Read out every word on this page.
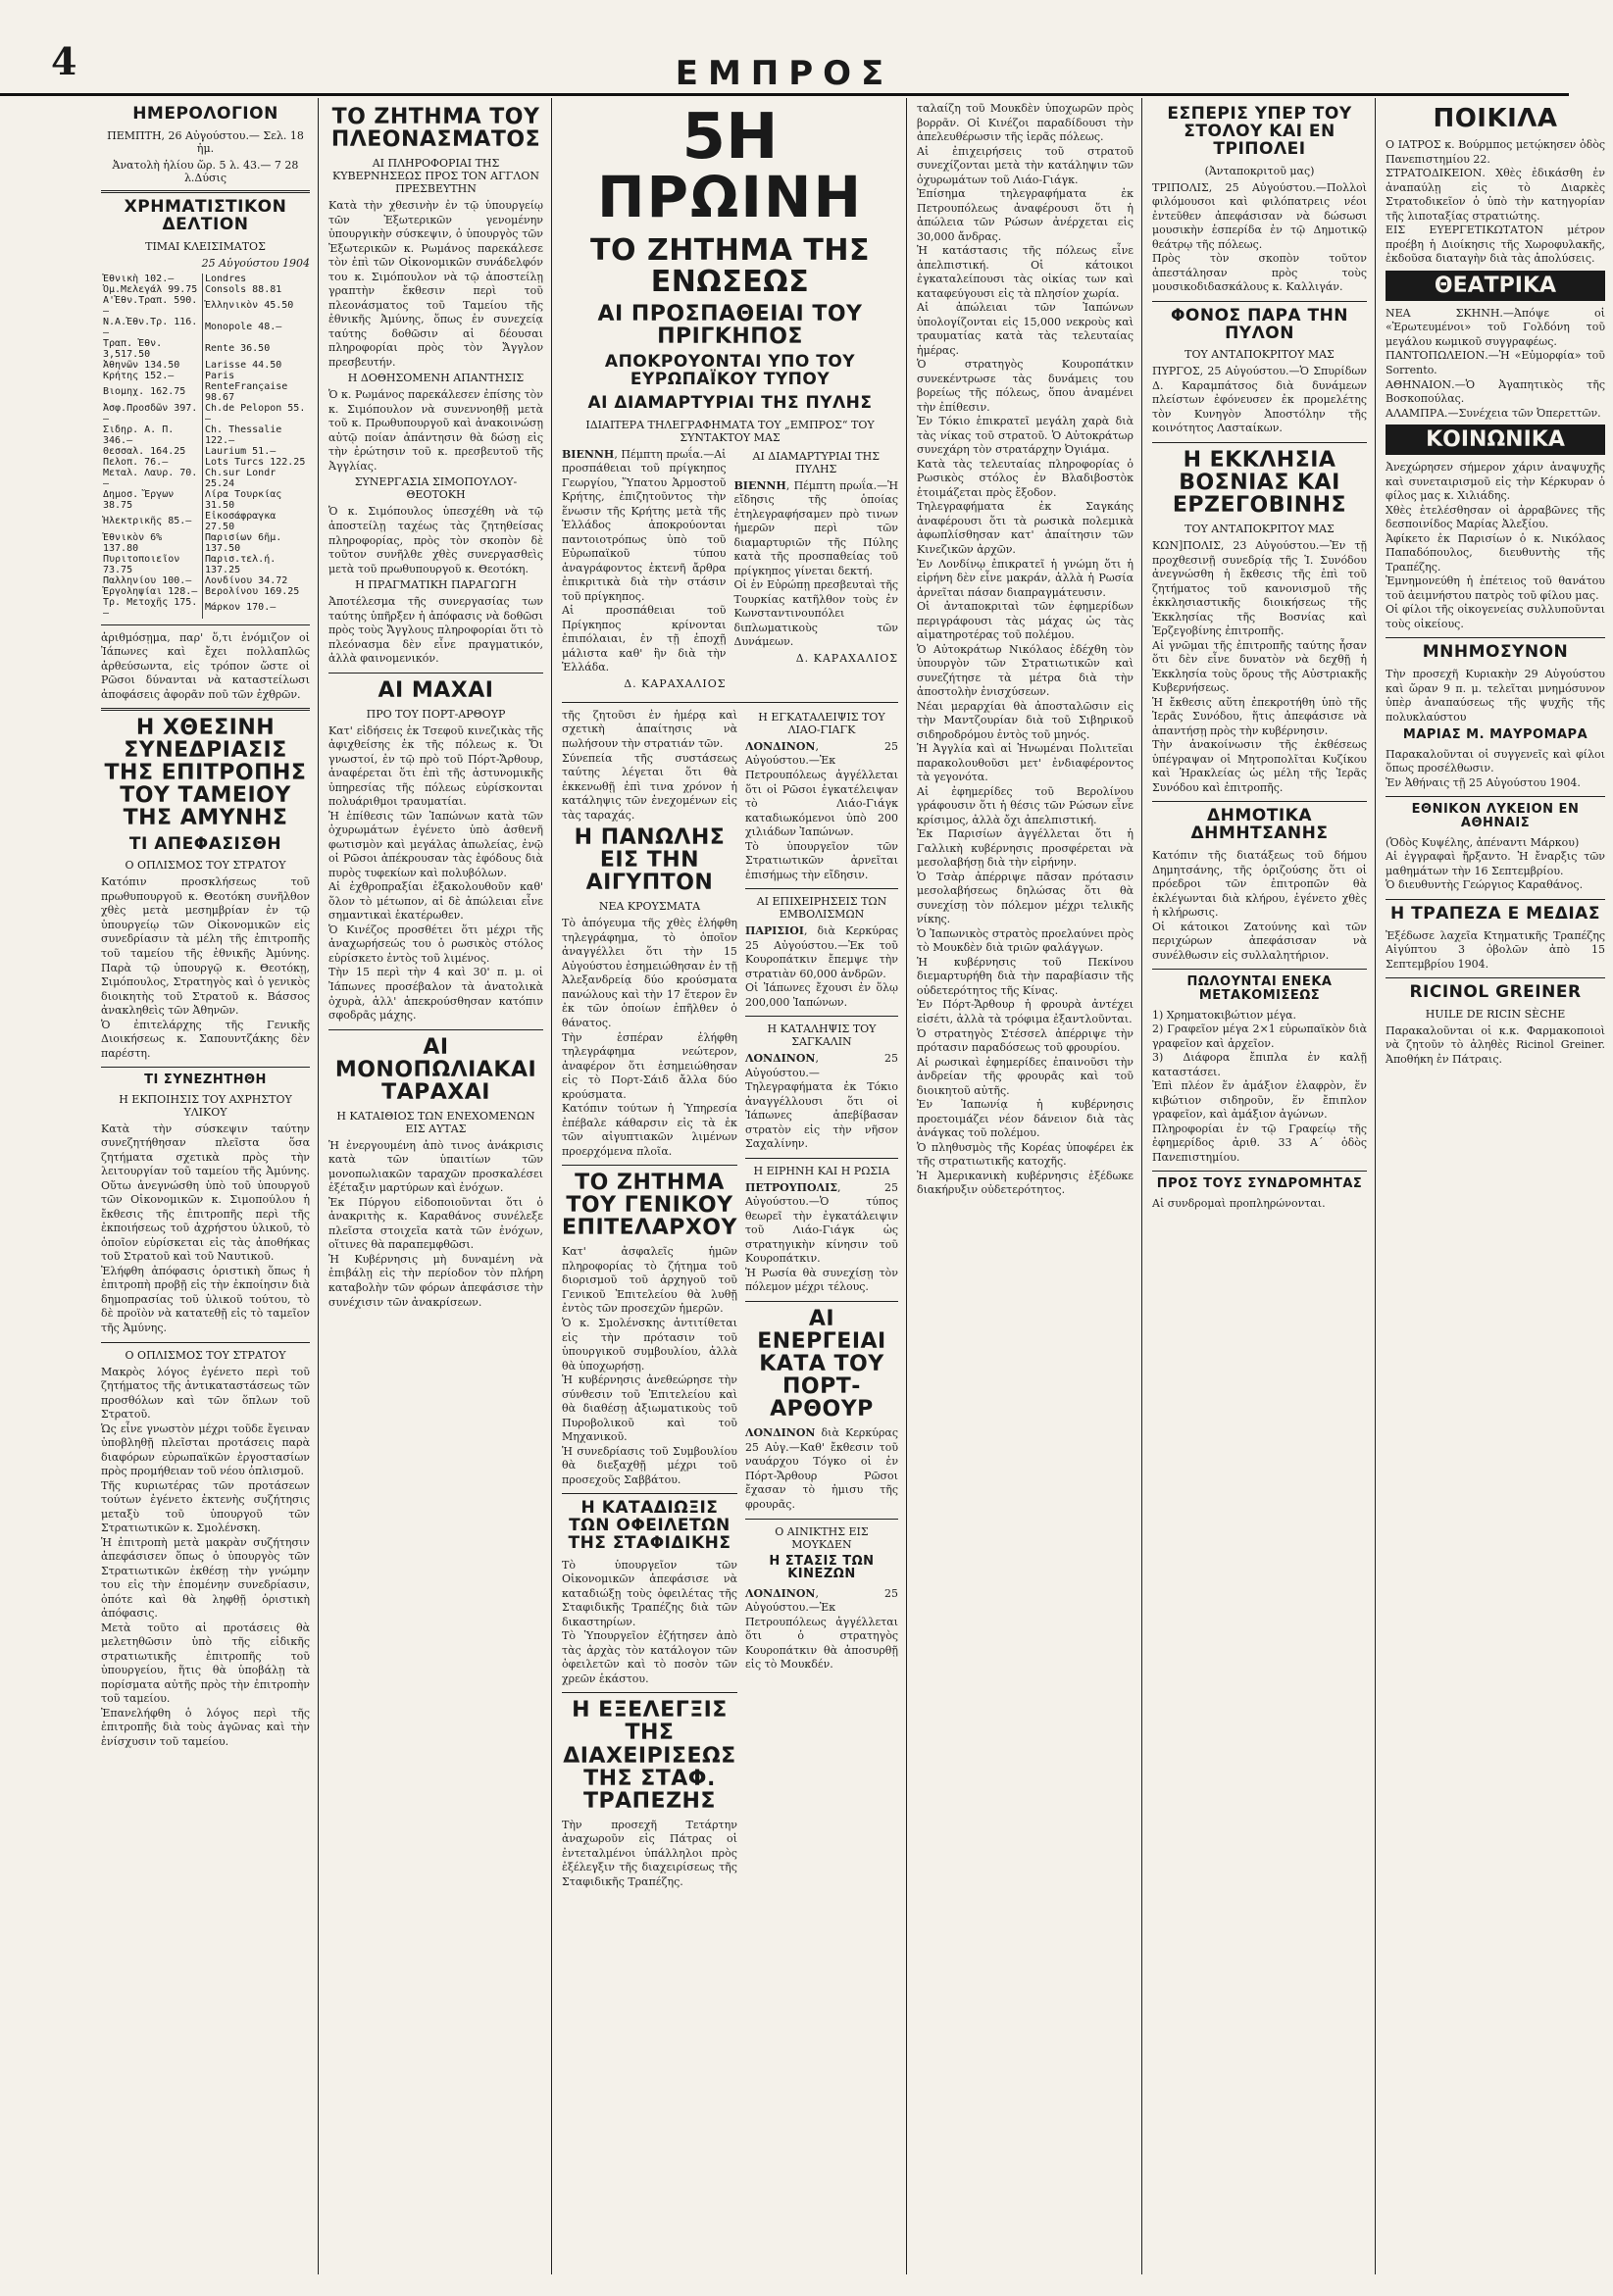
4	ΕΜΠΡΟΣ
ΗΜΕΡΟΛΟΓΙΟΝ
ΠΕΜΠΤΗ, 26 Αὐγούστου.— Σελ. 18 ἡμ.
Ἀνατολὴ ἡλίου ὥρ. 5 λ. 43.— 7 28 λ.Δύσις
ΧΡΗΜΑΤΙΣΤΙΚΟΝ ΔΕΛΤΙΟΝ
ΤΙΜΑΙ ΚΛΕΙΣΙΜΑΤΟΣ
25 Αὐγούστου 1904
Ἐθνικὴ 102.—	Londres
Ὀμ.Μελεγάλ 99.75	Consols 88.81
Α'Ἐθν.Τραπ. 590.—	Ἑλληνικὸν 45.50
Ν.Α.Ἐθν.Τρ. 116.—	Monopole 48.—
Τραπ. Ἐθν. 3,517.50	Rente 36.50
Ἀθηνῶν 134.50	Larisse 44.50
Κρήτης 152.—	Paris
Βιομηχ. 162.75	RenteFrançaise 98.67
Ἀσφ.Προσδῶν 397.—	Ch.de Pelopon 55.—
Σιδηρ. Α. Π. 346.—	Ch. Thessalie 122.—
Θεσσαλ. 164.25	Laurium 51.—
Πελοπ. 76.—	Lots Turcs 122.25
Μεταλ. Λαυρ. 70.—	Ch.sur Londr 25.24
Δημοσ. Ἔργων 38.75	Λίρα Τουρκίας 31.50
Ἠλεκτρικῆς 85.—	Εἰκοσάφραγκα 27.50
Ἐθνικὸν 6% 137.80	Παρισίων 6ῆμ. 137.50
Πυριτοποιεῖον 73.75	Παρισ.τελ.ή. 137.25
Παλληνίου 100.—	Λονδίνου 34.72
Ἐργοληψίαι 128.—	Βερολίνου 169.25
Τρ. Μετοχῆς 175.—	Μάρκον 170.—
ἀριθμόσῃμα, παρ' ὅ,τι ἐνόμιζον οἱ Ἰάπωνες καὶ ἔχει πολλαπλῶς ἀρθεύσωντα, εἰς τρόπον ὥστε οἱ Ρῶσοι δύνανται νὰ καταστείλωσι ἀποφάσεις ἀφορᾶν ποῦ τῶν ἐχθρῶν.
Η ΧΘΕΣΙΝΗ ΣΥΝΕΔΡΙΑΣΙΣ ΤΗΣ ΕΠΙΤΡΟΠΗΣ ΤΟΥ ΤΑΜΕΙΟΥ ΤΗΣ ΑΜΥΝΗΣ
ΤΙ ΑΠΕΦΑΣΙΣΘΗ
Ο ΟΠΛΙΣΜΟΣ ΤΟΥ ΣΤΡΑΤΟΥ
Κατόπιν προσκλήσεως τοῦ πρωθυπουργοῦ κ. Θεοτόκη συνῆλθον χθὲς μετὰ μεσημβρίαν ἐν τῷ ὑπουργείῳ τῶν Οἰκονομικῶν εἰς συνεδρίασιν τὰ μέλη τῆς ἐπιτροπῆς τοῦ ταμείου τῆς ἐθνικῆς Ἀμύνης. Παρὰ τῷ ὑπουργῷ κ. Θεοτόκῃ, Σιμόπουλος, Στρατηγὸς καὶ ὁ γενικὸς διοικητὴς τοῦ Στρατοῦ κ. Βάσσος ἀνακληθεὶς τῶν Ἀθηνῶν.
Ὁ ἐπιτελάρχης τῆς Γενικῆς Διοικήσεως κ. Σαπουντζάκης δὲν παρέστη.
ΤΙ ΣΥΝΕΖΗΤΗΘΗ
Η ΕΚΠΟΙΗΣΙΣ ΤΟΥ ΑΧΡΗΣΤΟΥ ΥΛΙΚΟΥ
Κατὰ τὴν σύσκεψιν ταύτην συνεζητήθησαν πλεῖστα ὅσα ζητήματα σχετικὰ πρὸς τὴν λειτουργίαν τοῦ ταμείου τῆς Ἀμύνης. Οὕτω ἀνεγνώσθη ὑπὸ τοῦ ὑπουργοῦ τῶν Οἰκονομικῶν κ. Σιμοπούλου ἡ ἔκθεσις τῆς ἐπιτροπῆς περὶ τῆς ἐκποιήσεως τοῦ ἀχρήστου ὑλικοῦ, τὸ ὁποῖον εὑρίσκεται εἰς τὰς ἀποθήκας τοῦ Στρατοῦ καὶ τοῦ Ναυτικοῦ.
Ἐλήφθη ἀπόφασις ὁριστικὴ ὅπως ἡ ἐπιτροπὴ προβῇ εἰς τὴν ἐκποίησιν διὰ δημοπρασίας τοῦ ὑλικοῦ τούτου, τὸ δὲ προϊὸν νὰ κατατεθῇ εἰς τὸ ταμεῖον τῆς Ἀμύνης.
Ο ΟΠΛΙΣΜΟΣ ΤΟΥ ΣΤΡΑΤΟΥ
Μακρὸς λόγος ἐγένετο περὶ τοῦ ζητήματος τῆς ἀντικαταστάσεως τῶν προσθόλων καὶ τῶν ὅπλων τοῦ Στρατοῦ.
Ὡς εἶνε γνωστὸν μέχρι τοῦδε ἔγειναν ὑποβληθῇ πλεῖσται προτάσεις παρὰ διαφόρων εὐρωπαϊκῶν ἐργοστασίων πρὸς προμήθειαν τοῦ νέου ὁπλισμοῦ.
Τῆς κυριωτέρας τῶν προτάσεων τούτων ἐγένετο ἐκτενὴς συζήτησις μεταξὺ τοῦ ὑπουργοῦ τῶν Στρατιωτικῶν κ. Σμολένσκη.
Ἡ ἐπιτροπὴ μετὰ μακρὰν συζήτησιν ἀπεφάσισεν ὅπως ὁ ὑπουργὸς τῶν Στρατιωτικῶν ἐκθέσῃ τὴν γνώμην του εἰς τὴν ἑπομένην συνεδρίασιν, ὁπότε καὶ θὰ ληφθῇ ὁριστικὴ ἀπόφασις.
Μετὰ τοῦτο αἱ προτάσεις θὰ μελετηθῶσιν ὑπὸ τῆς εἰδικῆς στρατιωτικῆς ἐπιτροπῆς τοῦ ὑπουργείου, ἥτις θὰ ὑποβάλῃ τὰ πορίσματα αὐτῆς πρὸς τὴν ἐπιτροπὴν τοῦ ταμείου.
Ἐπανελήφθη ὁ λόγος περὶ τῆς ἐπιτροπῆς διὰ τοὺς ἀγῶνας καὶ τὴν ἐνίσχυσιν τοῦ ταμείου.
ΤΟ ΖΗΤΗΜΑ ΤΟΥ ΠΛΕΟΝΑΣΜΑΤΟΣ
ΑΙ ΠΛΗΡΟΦΟΡΙΑΙ ΤΗΣ ΚΥΒΕΡΝΗΣΕΩΣ ΠΡΟΣ ΤΟΝ ΑΓΓΛΟΝ ΠΡΕΣΒΕΥΤΗΝ
Κατὰ τὴν χθεσινὴν ἐν τῷ ὑπουργείῳ τῶν Ἐξωτερικῶν γενομένην ὑπουργικὴν σύσκεψιν, ὁ ὑπουργὸς τῶν Ἐξωτερικῶν κ. Ρωμάνος παρεκάλεσε τὸν ἐπὶ τῶν Οἰκονομικῶν συνάδελφόν του κ. Σιμόπουλον νὰ τῷ ἀποστείλῃ γραπτὴν ἔκθεσιν περὶ τοῦ πλεονάσματος τοῦ Ταμείου τῆς ἐθνικῆς Ἀμύνης, ὅπως ἐν συνεχείᾳ ταύτης δοθῶσιν αἱ δέουσαι πληροφορίαι πρὸς τὸν Ἄγγλον πρεσβευτήν.
Η ΔΟΘΗΣΟΜΕΝΗ ΑΠΑΝΤΗΣΙΣ
Ὁ κ. Ρωμάνος παρεκάλεσεν ἐπίσης τὸν κ. Σιμόπουλον νὰ συνεννοηθῇ μετὰ τοῦ κ. Πρωθυπουργοῦ καὶ ἀνακοινώσῃ αὐτῷ ποίαν ἀπάντησιν θὰ δώσῃ εἰς τὴν ἐρώτησιν τοῦ κ. πρεσβευτοῦ τῆς Ἀγγλίας.
ΣΥΝΕΡΓΑΣΙΑ ΣΙΜΟΠΟΥΛΟΥ-ΘΕΟΤΟΚΗ
Ὁ κ. Σιμόπουλος ὑπεσχέθη νὰ τῷ ἀποστείλῃ ταχέως τὰς ζητηθείσας πληροφορίας, πρὸς τὸν σκοπὸν δὲ τοῦτον συνῆλθε χθὲς συνεργασθεὶς μετὰ τοῦ πρωθυπουργοῦ κ. Θεοτόκη.
Η ΠΡΑΓΜΑΤΙΚΗ ΠΑΡΑΓΩΓΗ
Ἀποτέλεσμα τῆς συνεργασίας των ταύτης ὑπῆρξεν ἡ ἀπόφασις νὰ δοθῶσι πρὸς τοὺς Ἄγγλους πληροφορίαι ὅτι τὸ πλεόνασμα δὲν εἶνε πραγματικόν, ἀλλὰ φαινομενικόν.
ΑΙ ΜΑΧΑΙ
ΠΡΟ ΤΟΥ ΠΟΡΤ-ΑΡΘΟΥΡ
Κατ' εἰδήσεις ἐκ Τσεφοῦ κινεζικὰς τῆς ἀφιχθείσης ἐκ τῆς πόλεως κ. Ὄι γνωστοί, ἐν τῷ πρὸ τοῦ Πόρτ-Ἄρθουρ, ἀναφέρεται ὅτι ἐπὶ τῆς ἀστυνομικῆς ὑπηρεσίας τῆς πόλεως εὑρίσκονται πολυάριθμοι τραυματίαι.
Ἡ ἐπίθεσις τῶν Ἰαπώνων κατὰ τῶν ὀχυρωμάτων ἐγένετο ὑπὸ ἀσθενῆ φωτισμὸν καὶ μεγάλας ἀπωλείας, ἐνῷ οἱ Ρῶσοι ἀπέκρουσαν τὰς ἐφόδους διὰ πυρὸς τυφεκίων καὶ πολυβόλων.
Αἱ ἐχθροπραξίαι ἐξακολουθοῦν καθ' ὅλον τὸ μέτωπον, αἱ δὲ ἀπώλειαι εἶνε σημαντικαὶ ἑκατέρωθεν.
Ὁ Κινέζος προσθέτει ὅτι μέχρι τῆς ἀναχωρήσεώς του ὁ ρωσικὸς στόλος εὑρίσκετο ἐντὸς τοῦ λιμένος.
Τὴν 15 περὶ τὴν 4 καὶ 30' π. μ. οἱ Ἰάπωνες προσέβαλον τὰ ἀνατολικὰ ὀχυρὰ, ἀλλ' ἀπεκρούσθησαν κατόπιν σφοδρᾶς μάχης.
ΑΙ ΜΟΝΟΠΩΛΙΑΚΑΙ ΤΑΡΑΧΑΙ
Η ΚΑΤΑΙΘΙΟΣ ΤΩΝ ΕΝΕΧΟΜΕΝΩΝ ΕΙΣ ΑΥΤΑΣ
Ἡ ἐνεργουμένη ἀπὸ τινος ἀνάκρισις κατὰ τῶν ὑπαιτίων τῶν μονοπωλιακῶν ταραχῶν προσκαλέσει ἐξέταξιν μαρτύρων καὶ ἐνόχων.
Ἐκ Πύργου εἰδοποιοῦνται ὅτι ὁ ἀνακριτὴς κ. Καραθάνος συνέλεξε πλεῖστα στοιχεῖα κατὰ τῶν ἐνόχων, οἵτινες θὰ παραπεμφθῶσι.
Ἡ Κυβέρνησις μὴ δυναμένη νὰ ἐπιβάλῃ εἰς τὴν περίοδον τὸν πλήρη καταβολὴν τῶν φόρων ἀπεφάσισε τὴν συνέχισιν τῶν ἀνακρίσεων.
5Η ΠΡΩΙΝΗ
ΤΟ ΖΗΤΗΜΑ ΤΗΣ ΕΝΩΣΕΩΣ
ΑΙ ΠΡΟΣΠΑΘΕΙΑΙ ΤΟΥ ΠΡΙΓΚΗΠΟΣ
ΑΠΟΚΡΟΥΟΝΤΑΙ ΥΠΟ ΤΟΥ ΕΥΡΩΠΑΪΚΟΥ ΤΥΠΟΥ
ΑΙ ΔΙΑΜΑΡΤΥΡΙΑΙ ΤΗΣ ΠΥΛΗΣ
ΙΔΙΑΙΤΕΡΑ ΤΗΛΕΓΡΑΦΗΜΑΤΑ ΤΟΥ „ΕΜΠΡΟΣ“ ΤΟΥ ΣΥΝΤΑΚΤΟΥ ΜΑΣ
ΒΙΕΝΝΗ, Πέμπτη πρωΐα.—Αἱ προσπάθειαι τοῦ πρίγκηπος Γεωργίου, Ὕπατου Ἁρμοστοῦ Κρήτης, ἐπιζητοῦντος τὴν ἕνωσιν τῆς Κρήτης μετὰ τῆς Ἑλλάδος ἀποκρούονται παντοιοτρόπως ὑπὸ τοῦ Εὐρωπαϊκοῦ τύπου ἀναγράφοντος ἐκτενῆ ἄρθρα ἐπικριτικὰ διὰ τὴν στάσιν τοῦ πρίγκηπος.
Αἱ προσπάθειαι τοῦ Πρίγκηπος κρίνονται ἐπιπόλαιαι, ἐν τῇ ἐποχῇ μάλιστα καθ' ἣν διὰ τὴν Ἑλλάδα.
Δ. ΚΑΡΑΧΑΛΙΟΣ
ΑΙ ΔΙΑΜΑΡΤΥΡΙΑΙ ΤΗΣ ΠΥΛΗΣ
ΒΙΕΝΝΗ, Πέμπτη πρωΐα.—Ἡ εἴδησις τῆς ὁποίας ἐτηλεγραφήσαμεν πρὸ τινων ἡμερῶν περὶ τῶν διαμαρτυριῶν τῆς Πύλης κατὰ τῆς προσπαθείας τοῦ πρίγκηπος γίνεται δεκτή.
Οἱ ἐν Εὐρώπῃ πρεσβευταὶ τῆς Τουρκίας κατῆλθον τοὺς ἐν Κωνσταντινουπόλει διπλωματικοὺς τῶν Δυνάμεων.
Δ. ΚΑΡΑΧΑΛΙΟΣ
τῆς ζητοῦσι ἐν ἡμέρᾳ καὶ σχετικὴ ἀπαίτησις νὰ πωλήσουν τὴν στρατιάν τῶν.
Σύνεπεία τῆς συστάσεως ταύτης λέγεται ὅτι θὰ ἐκκενωθῇ ἐπὶ τινα χρόνον ἡ κατάληψις τῶν ἐνεχομένων εἰς τὰς ταραχάς.
Η ΠΑΝΩΛΗΣ ΕΙΣ ΤΗΝ ΑΙΓΥΠΤΟΝ
ΝΕΑ ΚΡΟΥΣΜΑΤΑ
Τὸ ἀπόγευμα τῆς χθὲς ἐλήφθη τηλεγράφημα, τὸ ὁποῖον ἀναγγέλλει ὅτι τὴν 15 Αὐγούστου ἐσημειώθησαν ἐν τῇ Ἀλεξανδρείᾳ δύο κρούσματα πανώλους καὶ τὴν 17 ἕτερον ἓν ἐκ τῶν ὁποίων ἐπῆλθεν ὁ θάνατος.
Τὴν ἑσπέραν ἐλήφθη τηλεγράφημα νεώτερον, ἀναφέρον ὅτι ἐσημειώθησαν εἰς τὸ Πορτ-Σάιδ ἄλλα δύο κρούσματα.
Κατόπιν τούτων ἡ Ὑπηρεσία ἐπέβαλε κάθαρσιν εἰς τὰ ἐκ τῶν αἰγυπτιακῶν λιμένων προερχόμενα πλοῖα.
ΤΟ ΖΗΤΗΜΑ ΤΟΥ ΓΕΝΙΚΟΥ ΕΠΙΤΕΛΑΡΧΟΥ
Κατ' ἀσφαλεῖς ἡμῶν πληροφορίας τὸ ζήτημα τοῦ διορισμοῦ τοῦ ἀρχηγοῦ τοῦ Γενικοῦ Ἐπιτελείου θὰ λυθῇ ἐντὸς τῶν προσεχῶν ἡμερῶν.
Ὁ κ. Σμολένσκης ἀντιτίθεται εἰς τὴν πρότασιν τοῦ ὑπουργικοῦ συμβουλίου, ἀλλὰ θὰ ὑποχωρήσῃ.
Ἡ κυβέρνησις ἀνεθεώρησε τὴν σύνθεσιν τοῦ Ἐπιτελείου καὶ θὰ διαθέσῃ ἀξιωματικοὺς τοῦ Πυροβολικοῦ καὶ τοῦ Μηχανικοῦ.
Ἡ συνεδρίασις τοῦ Συμβουλίου θὰ διεξαχθῇ μέχρι τοῦ προσεχοῦς Σαββάτου.
Η ΚΑΤΑΔΙΩΞΙΣ ΤΩΝ ΟΦΕΙΛΕΤΩΝ ΤΗΣ ΣΤΑΦΙΔΙΚΗΣ
Τὸ ὑπουργεῖον τῶν Οἰκονομικῶν ἀπεφάσισε νὰ καταδιώξῃ τοὺς ὀφειλέτας τῆς Σταφιδικῆς Τραπέζης διὰ τῶν δικαστηρίων.
Τὸ Ὑπουργεῖον ἐζήτησεν ἀπὸ τὰς ἀρχὰς τὸν κατάλογον τῶν ὀφειλετῶν καὶ τὸ ποσὸν τῶν χρεῶν ἑκάστου.
Η ΕΞΕΛΕΓΞΙΣ ΤΗΣ ΔΙΑΧΕΙΡΙΣΕΩΣ ΤΗΣ ΣΤΑΦ. ΤΡΑΠΕΖΗΣ
Τὴν προσεχῆ Τετάρτην ἀναχωροῦν εἰς Πάτρας οἱ ἐντεταλμένοι ὑπάλληλοι πρὸς ἐξέλεγξιν τῆς διαχειρίσεως τῆς Σταφιδικῆς Τραπέζης.
Η ΕΓΚΑΤΑΛΕΙΨΙΣ ΤΟΥ ΛΙΑΟ-ΓΙΑΓΚ
ΛΟΝΔΙΝΟΝ, 25 Αὐγούστου.—Ἐκ Πετρουπόλεως ἀγγέλλεται ὅτι οἱ Ρῶσοι ἐγκατέλειψαν τὸ Λιάο-Γιάγκ καταδιωκόμενοι ὑπὸ 200 χιλιάδων Ἰαπώνων.
Τὸ ὑπουργεῖον τῶν Στρατιωτικῶν ἀρνεῖται ἐπισήμως τὴν εἴδησιν.
ΑΙ ΕΠΙΧΕΙΡΗΣΕΙΣ ΤΩΝ ΕΜΒΟΛΙΣΜΩΝ
ΠΑΡΙΣΙΟΙ, διὰ Κερκύρας 25 Αὐγούστου.—Ἐκ τοῦ Κουροπάτκιν ἔπεμψε τὴν στρατιὰν 60,000 ἀνδρῶν.
Οἱ Ἰάπωνες ἔχουσι ἐν ὅλῳ 200,000 Ἰαπώνων.
Η ΚΑΤΑΛΗΨΙΣ ΤΟΥ ΣΑΓΚΑΛΙΝ
ΛΟΝΔΙΝΟΝ, 25 Αὐγούστου.—Τηλεγραφήματα ἐκ Τόκιο ἀναγγέλλουσι ὅτι οἱ Ἰάπωνες ἀπεβίβασαν στρατὸν εἰς τὴν νῆσον Σαχαλίνην.
Η ΕΙΡΗΝΗ ΚΑΙ Η ΡΩΣΙΑ
ΠΕΤΡΟΥΠΟΛΙΣ, 25 Αὐγούστου.—Ὁ τύπος θεωρεῖ τὴν ἐγκατάλειψιν τοῦ Λιάο-Γιάγκ ὡς στρατηγικὴν κίνησιν τοῦ Κουροπάτκιν.
Ἡ Ρωσία θὰ συνεχίσῃ τὸν πόλεμον μέχρι τέλους.
ΑΙ ΕΝΕΡΓΕΙΑΙ ΚΑΤΑ ΤΟΥ ΠΟΡΤ-ΑΡΘΟΥΡ
ΛΟΝΔΙΝΟΝ διὰ Κερκύρας 25 Αὐγ.—Καθ' ἔκθεσιν τοῦ ναυάρχου Τόγκο οἱ ἐν Πόρτ-Ἄρθουρ Ρῶσοι ἔχασαν τὸ ἡμισυ τῆς φρουρᾶς.
Ο ΑΙΝΙΚΤΗΣ ΕΙΣ ΜΟΥΚΔΕΝ
Η ΣΤΑΣΙΣ ΤΩΝ ΚΙΝΕΖΩΝ
ΛΟΝΔΙΝΟΝ, 25 Αὐγούστου.—Ἐκ Πετρουπόλεως ἀγγέλλεται ὅτι ὁ στρατηγὸς Κουροπάτκιν θὰ ἀποσυρθῇ εἰς τὸ Μουκδέν.
ταλαίζη τοῦ Μουκδὲν ὑποχωρῶν πρὸς βορρᾶν. Οἱ Κινέζοι παραδίδουσι τὴν ἀπελευθέρωσιν τῆς ἱερᾶς πόλεως.
Αἱ ἐπιχειρήσεις τοῦ στρατοῦ συνεχίζονται μετὰ τὴν κατάληψιν τῶν ὀχυρωμάτων τοῦ Λιάο-Γιάγκ.
Ἐπίσημα τηλεγραφήματα ἐκ Πετρουπόλεως ἀναφέρουσι ὅτι ἡ ἀπώλεια τῶν Ρώσων ἀνέρχεται εἰς 30,000 ἄνδρας.
Ἡ κατάστασις τῆς πόλεως εἶνε ἀπελπιστική. Οἱ κάτοικοι ἐγκαταλείπουσι τὰς οἰκίας των καὶ καταφεύγουσι εἰς τὰ πλησίον χωρία.
Αἱ ἀπώλειαι τῶν Ἰαπώνων ὑπολογίζονται εἰς 15,000 νεκροὺς καὶ τραυματίας κατὰ τὰς τελευταίας ἡμέρας.
Ὁ στρατηγὸς Κουροπάτκιν συνεκέντρωσε τὰς δυνάμεις του βορείως τῆς πόλεως, ὅπου ἀναμένει τὴν ἐπίθεσιν.
Ἐν Τόκιο ἐπικρατεῖ μεγάλη χαρὰ διὰ τὰς νίκας τοῦ στρατοῦ. Ὁ Αὐτοκράτωρ συνεχάρη τὸν στρατάρχην Ὀγιάμα.
Κατὰ τὰς τελευταίας πληροφορίας ὁ Ρωσικὸς στόλος ἐν Βλαδιβοστὸκ ἑτοιμάζεται πρὸς ἔξοδον.
Τηλεγραφήματα ἐκ Σαγκάης ἀναφέρουσι ὅτι τὰ ρωσικὰ πολεμικὰ ἀφωπλίσθησαν κατ' ἀπαίτησιν τῶν Κινεζικῶν ἀρχῶν.
Ἐν Λονδίνῳ ἐπικρατεῖ ἡ γνώμη ὅτι ἡ εἰρήνη δὲν εἶνε μακράν, ἀλλὰ ἡ Ρωσία ἀρνεῖται πάσαν διαπραγμάτευσιν.
Οἱ ἀνταποκριταὶ τῶν ἐφημερίδων περιγράφουσι τὰς μάχας ὡς τὰς αἱματηροτέρας τοῦ πολέμου.
Ὁ Αὐτοκράτωρ Νικόλαος ἐδέχθη τὸν ὑπουργὸν τῶν Στρατιωτικῶν καὶ συνεζήτησε τὰ μέτρα διὰ τὴν ἀποστολὴν ἐνισχύσεων.
Νέαι μεραρχίαι θὰ ἀποσταλῶσιν εἰς τὴν Μαντζουρίαν διὰ τοῦ Σιβηρικοῦ σιδηροδρόμου ἐντὸς τοῦ μηνός.
Ἡ Ἀγγλία καὶ αἱ Ἡνωμέναι Πολιτεῖαι παρακολουθοῦσι μετ' ἐνδιαφέροντος τὰ γεγονότα.
Αἱ ἐφημερίδες τοῦ Βερολίνου γράφουσιν ὅτι ἡ θέσις τῶν Ρώσων εἶνε κρίσιμος, ἀλλὰ ὄχι ἀπελπιστική.
Ἐκ Παρισίων ἀγγέλλεται ὅτι ἡ Γαλλικὴ κυβέρνησις προσφέρεται νὰ μεσολαβήσῃ διὰ τὴν εἰρήνην.
Ὁ Τσὰρ ἀπέρριψε πᾶσαν πρότασιν μεσολαβήσεως δηλώσας ὅτι θὰ συνεχίσῃ τὸν πόλεμον μέχρι τελικῆς νίκης.
Ὁ Ἰαπωνικὸς στρατὸς προελαύνει πρὸς τὸ Μουκδὲν διὰ τριῶν φαλάγγων.
Ἡ κυβέρνησις τοῦ Πεκίνου διεμαρτυρήθη διὰ τὴν παραβίασιν τῆς οὐδετερότητος τῆς Κίνας.
Ἐν Πόρτ-Ἄρθουρ ἡ φρουρὰ ἀντέχει εἰσέτι, ἀλλὰ τὰ τρόφιμα ἐξαντλοῦνται.
Ὁ στρατηγὸς Στέσσελ ἀπέρριψε τὴν πρότασιν παραδόσεως τοῦ φρουρίου.
Αἱ ρωσικαὶ ἐφημερίδες ἐπαινοῦσι τὴν ἀνδρείαν τῆς φρουρᾶς καὶ τοῦ διοικητοῦ αὐτῆς.
Ἐν Ἰαπωνίᾳ ἡ κυβέρνησις προετοιμάζει νέον δάνειον διὰ τὰς ἀνάγκας τοῦ πολέμου.
Ὁ πληθυσμὸς τῆς Κορέας ὑποφέρει ἐκ τῆς στρατιωτικῆς κατοχῆς.
Ἡ Ἀμερικανικὴ κυβέρνησις ἐξέδωκε διακήρυξιν οὐδετερότητος.
ΕΣΠΕΡΙΣ ΥΠΕΡ ΤΟΥ ΣΤΟΛΟΥ ΚΑΙ ΕΝ ΤΡΙΠΟΛΕΙ
(Ἀνταποκριτοῦ μας)
ΤΡΙΠΟΛΙΣ, 25 Αὐγούστου.—Πολλοὶ φιλόμουσοι καὶ φιλόπατρεις νέοι ἐντεῦθεν ἀπεφάσισαν νὰ δώσωσι μουσικὴν ἑσπερίδα ἐν τῷ Δημοτικῷ θεάτρῳ τῆς πόλεως.
Πρὸς τὸν σκοπὸν τοῦτον ἀπεστάλησαν πρὸς τοὺς μουσικοδιδασκάλους κ. Καλλιγάν.
ΦΟΝΟΣ ΠΑΡΑ ΤΗΝ ΠΥΛΟΝ
ΤΟΥ ΑΝΤΑΠΟΚΡΙΤΟΥ ΜΑΣ
ΠΥΡΓΟΣ, 25 Αὐγούστου.—Ὁ Σπυρίδων Δ. Καραμπάτσος διὰ δυνάμεων πλείστων ἐφόνευσεν ἐκ προμελέτης τὸν Κυνηγὸν Ἀποστόλην τῆς κοινότητος Λασταίκων.
Η ΕΚΚΛΗΣΙΑ ΒΟΣΝΙΑΣ ΚΑΙ ΕΡΖΕΓΟΒΙΝΗΣ
ΤΟΥ ΑΝΤΑΠΟΚΡΙΤΟΥ ΜΑΣ
ΚΩΝ]ΠΟΛΙΣ, 23 Αὐγούστου.—Ἐν τῇ προχθεσινῇ συνεδρίᾳ τῆς Ἱ. Συνόδου ἀνεγνώσθη ἡ ἔκθεσις τῆς ἐπὶ τοῦ ζητήματος τοῦ κανονισμοῦ τῆς ἐκκλησιαστικῆς διοικήσεως τῆς Ἐκκλησίας τῆς Βοσνίας καὶ Ἐρζεγοβίνης ἐπιτροπῆς.
Αἱ γνῶμαι τῆς ἐπιτροπῆς ταύτης ἦσαν ὅτι δὲν εἶνε δυνατὸν νὰ δεχθῇ ἡ Ἐκκλησία τοὺς ὅρους τῆς Αὐστριακῆς Κυβερνήσεως.
Ἡ ἔκθεσις αὕτη ἐπεκροτήθη ὑπὸ τῆς Ἱερᾶς Συνόδου, ἥτις ἀπεφάσισε νὰ ἀπαντήσῃ πρὸς τὴν κυβέρνησιν.
Τὴν ἀνακοίνωσιν τῆς ἐκθέσεως ὑπέγραψαν οἱ Μητροπολῖται Κυζίκου καὶ Ἡρακλείας ὡς μέλη τῆς Ἱερᾶς Συνόδου καὶ ἐπιτροπῆς.
ΔΗΜΟΤΙΚΑ ΔΗΜΗΤΣΑΝΗΣ
Κατόπιν τῆς διατάξεως τοῦ δήμου Δημητσάνης, τῆς ὁριζούσης ὅτι οἱ πρόεδροι τῶν ἐπιτροπῶν θὰ ἐκλέγωνται διὰ κλήρου, ἐγένετο χθὲς ἡ κλήρωσις.
Οἱ κάτοικοι Ζατούνης καὶ τῶν περιχώρων ἀπεφάσισαν νὰ συνέλθωσιν εἰς συλλαλητήριον.
ΠΩΛΟΥΝΤΑΙ ΕΝΕΚΑ ΜΕΤΑΚΟΜΙΣΕΩΣ
1) Χρηματοκιβώτιον μέγα.
2) Γραφεῖον μέγα 2×1 εὐρωπαϊκὸν διὰ γραφεῖον καὶ ἀρχεῖον.
3) Διάφορα ἔπιπλα ἐν καλῇ καταστάσει.
Ἐπὶ πλέον ἕν ἀμάξιον ἐλαφρὸν, ἕν κιβώτιον σιδηροῦν, ἕν ἔπιπλον γραφεῖον, καὶ ἀμάξιον ἀγώνων.
Πληροφορίαι ἐν τῷ Γραφείῳ τῆς ἐφημερίδος ἀριθ. 33 Α΄ ὁδὸς Πανεπιστημίου.
ΠΡΟΣ ΤΟΥΣ ΣΥΝΔΡΟΜΗΤΑΣ
Αἱ συνδρομαὶ προπληρώνονται.
ΠΟΙΚΙΛΑ
Ο ΙΑΤΡΟΣ κ. Βούρμπος μετῴκησεν ὁδὸς Πανεπιστημίου 22.
ΣΤΡΑΤΟΔΙΚΕΙΟΝ. Χθὲς ἐδικάσθη ἐν ἀναπαύλῃ εἰς τὸ Διαρκὲς Στρατοδικεῖον ὁ ὑπὸ τὴν κατηγορίαν τῆς λιποταξίας στρατιώτης.
ΕΙΣ ΕΥΕΡΓΕΤΙΚΩΤΑΤΟΝ μέτρον προέβη ἡ Διοίκησις τῆς Χωροφυλακῆς, ἐκδοῦσα διαταγὴν διὰ τὰς ἀπολύσεις.
ΘΕΑΤΡΙΚΑ
ΝΕΑ ΣΚΗΝΗ.—Ἀπόψε οἱ «Ἐρωτευμένοι» τοῦ Γολδόνη τοῦ μεγάλου κωμικοῦ συγγραφέως.
ΠΑΝΤΟΠΩΛΕΙΟΝ.—Ἡ «Εὐμορφία» τοῦ Sorrento.
ΑΘΗΝΑΙΟΝ.—Ὁ Ἀγαπητικὸς τῆς Βοσκοπούλας.
ΑΛΑΜΠΡΑ.—Συνέχεια τῶν Ὀπερεττῶν.
ΚΟΙΝΩΝΙΚΑ
Ἀνεχώρησεν σήμερον χάριν ἀναψυχῆς καὶ συνεταιρισμοῦ εἰς τὴν Κέρκυραν ὁ φίλος μας κ. Χιλιάδης.
Χθὲς ἐτελέσθησαν οἱ ἀρραβῶνες τῆς δεσποινίδος Μαρίας Ἀλεξίου.
Ἀφίκετο ἐκ Παρισίων ὁ κ. Νικόλαος Παπαδόπουλος, διευθυντὴς τῆς Τραπέζης.
Ἐμνημονεύθη ἡ ἐπέτειος τοῦ θανάτου τοῦ ἀειμνήστου πατρὸς τοῦ φίλου μας.
Οἱ φίλοι τῆς οἰκογενείας συλλυποῦνται τοὺς οἰκείους.
ΜΝΗΜΟΣΥΝΟΝ
Τὴν προσεχῆ Κυριακὴν 29 Αὐγούστου καὶ ὥραν 9 π. μ. τελεῖται μνημόσυνον ὑπὲρ ἀναπαύσεως τῆς ψυχῆς τῆς πολυκλαύστου
ΜΑΡΙΑΣ Μ. ΜΑΥΡΟΜΑΡΑ
Παρακαλοῦνται οἱ συγγενεῖς καὶ φίλοι ὅπως προσέλθωσιν.
Ἐν Ἀθήναις τῇ 25 Αὐγούστου 1904.
ΕΘΝΙΚΟΝ ΛΥΚΕΙΟΝ ΕΝ ΑΘΗΝΑΙΣ
(Ὁδὸς Κυψέλης, ἀπέναντι Μάρκου)
Αἱ ἐγγραφαὶ ἤρξαντο. Ἡ ἔναρξις τῶν μαθημάτων τὴν 16 Σεπτεμβρίου.
Ὁ διευθυντὴς Γεώργιος Καραθάνος.
Η ΤΡΑΠΕΖΑ Ε ΜΕΔΙΑΣ
Ἐξέδωσε λαχεῖα Κτηματικῆς Τραπέζης Αἰγύπτου 3 ὀβολῶν ἀπὸ 15 Σεπτεμβρίου 1904.
RICINOL GREINER
HUILE DE RICIN SÈCHE
Παρακαλοῦνται οἱ κ.κ. Φαρμακοποιοὶ νὰ ζητοῦν τὸ ἀληθὲς Ricinol Greiner. Ἀποθήκη ἐν Πάτραις.
